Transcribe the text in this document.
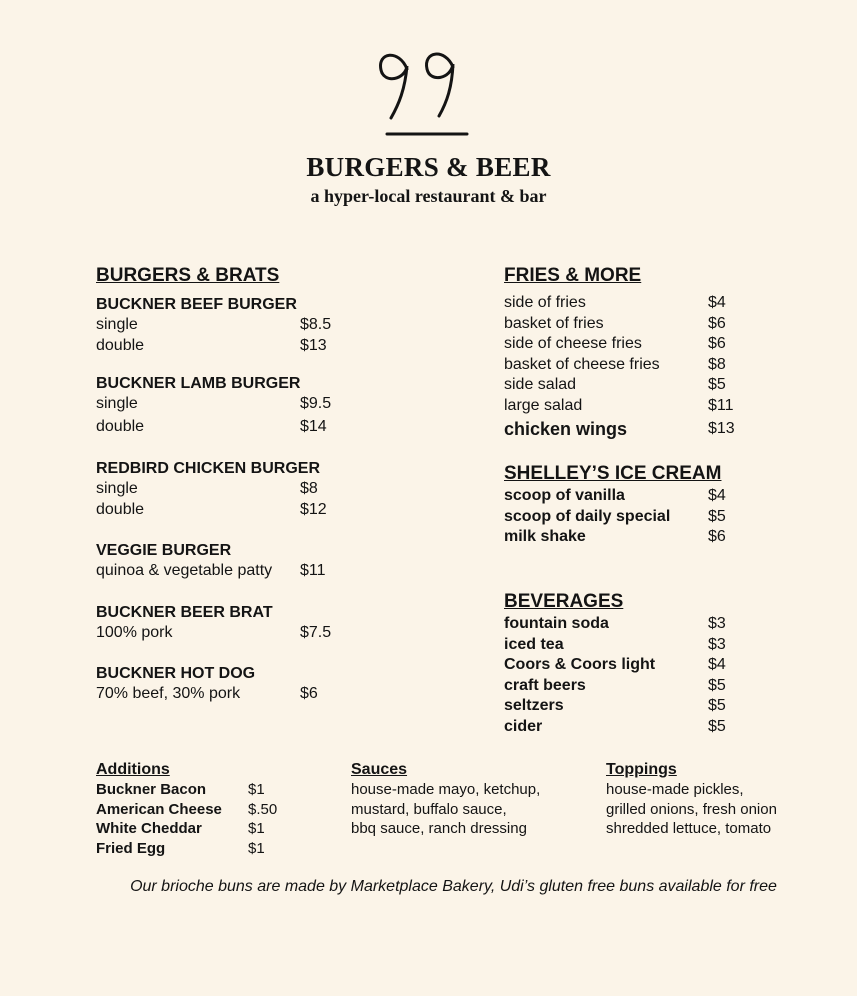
BURGERS & BEER
a hyper-local restaurant & bar
BURGERS & BRATS
BUCKNER BEEF BURGER
single	$8.5
double	$13
BUCKNER LAMB BURGER
single	$9.5
double	$14
REDBIRD CHICKEN BURGER
single	$8
double	$12
VEGGIE BURGER
quinoa & vegetable patty $11
BUCKNER BEER BRAT
100% pork	$7.5
BUCKNER HOT DOG
70% beef, 30% pork	$6
FRIES & MORE
side of fries	$4
basket of fries	$6
side of cheese fries	$6
basket of cheese fries	$8
side salad	$5
large salad	$11
chicken wings	$13
SHELLEY’S ICE CREAM
scoop of vanilla	$4
scoop of daily special $5
milk shake	$6
BEVERAGES
fountain soda	$3
iced tea	$3
Coors & Coors light	$4
craft beers	$5
seltzers	$5
cider	$5
Additions
Buckner Bacon	$1
American Cheese $.50
White Cheddar	$1
Fried Egg	$1
Sauces
house-made mayo, ketchup,
mustard, buffalo sauce,
bbq sauce, ranch dressing
Toppings
house-made pickles,
grilled onions, fresh onion
shredded lettuce, tomato
Our brioche buns are made by Marketplace Bakery, Udi’s gluten free buns available for free
